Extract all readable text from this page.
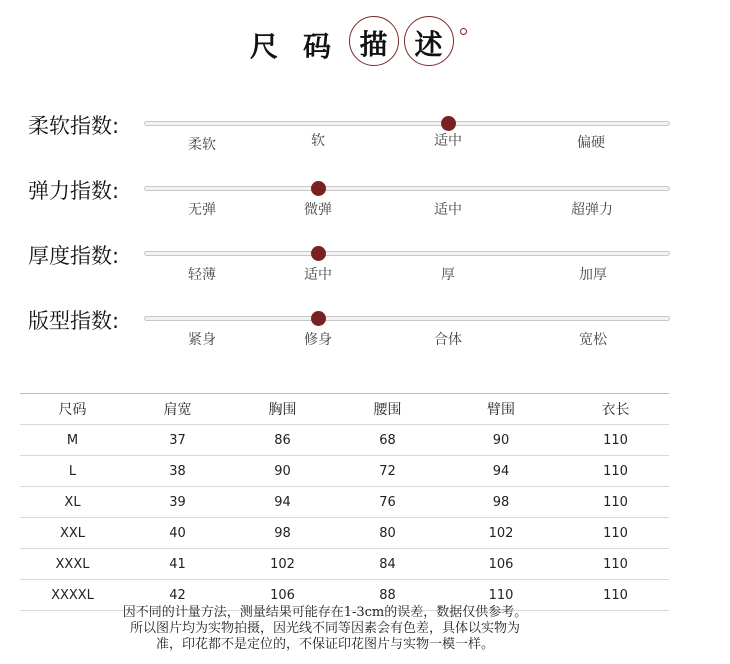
尺 码	描 述
柔软指数:
柔软	软	适中	偏硬
弹力指数:
无弹	微弹	适中	超弹力
厚度指数:
轻薄	适中	厚	加厚
版型指数:
紧身	修身	合体	宽松
尺码	肩宽	胸围	腰围	臂围	衣长
M	37	86	68	90	110
L	38	90	72	94	110
XL	39	94	76	98	110
XXL	40	98	80	102	110
XXXL	41	102	84	106	110
XXXXL	42	106	88	110	110
因不同的计量方法，测量结果可能存在1-3cm的误差，数据仅供参考。
所以图片均为实物拍摄，因光线不同等因素会有色差，具体以实物为
准，印花都不是定位的，不保证印花图片与实物一模一样。
